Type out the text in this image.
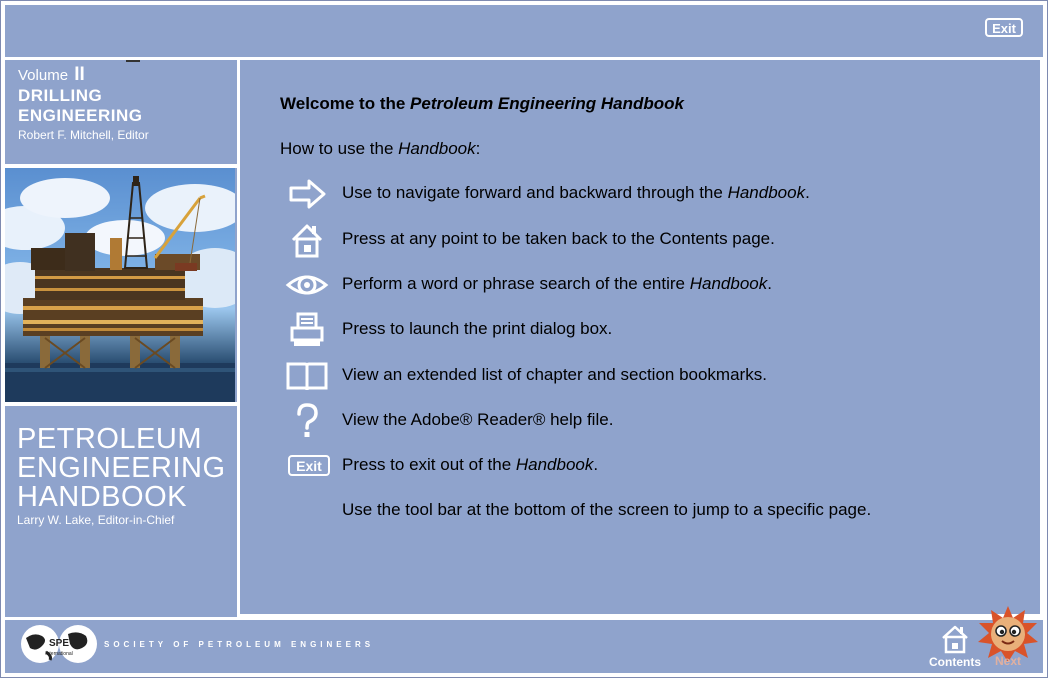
Exit
Volume II
DRILLING
ENGINEERING
Robert F. Mitchell, Editor
PETROLEUM
ENGINEERING
HANDBOOK
Larry W. Lake, Editor-in-Chief
Welcome to the Petroleum Engineering Handbook
How to use the Handbook:
Use to navigate forward and backward through the Handbook.
Press at any point to be taken back to the Contents page.
Perform a word or phrase search of the entire Handbook.
Press to launch the print dialog box.
View an extended list of chapter and section bookmarks.
View the Adobe® Reader® help file.
Exit	Press to exit out of the Handbook.
Use the tool bar at the bottom of the screen to jump to a specific page.
SPE
International
SOCIETY OF PETROLEUM ENGINEERS
Contents	Next
